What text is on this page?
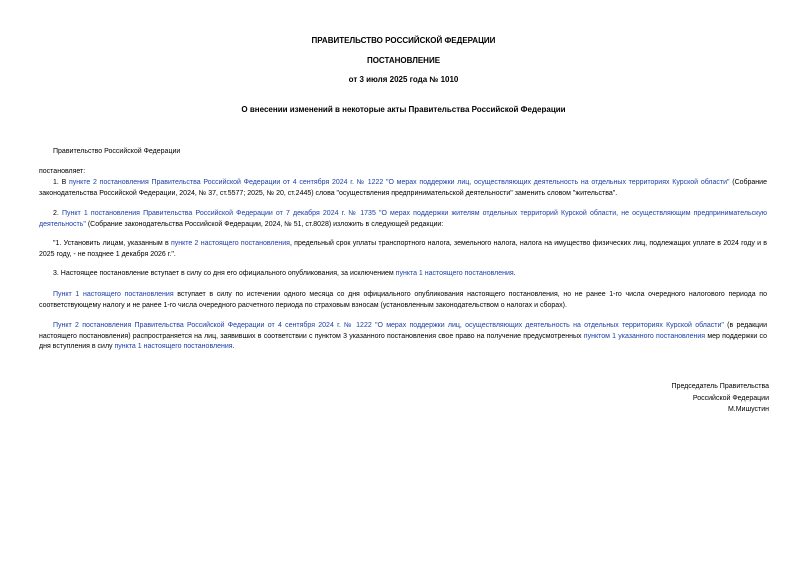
ПРАВИТЕЛЬСТВО РОССИЙСКОЙ ФЕДЕРАЦИИ
ПОСТАНОВЛЕНИЕ
от 3 июля 2025 года № 1010
О внесении изменений в некоторые акты Правительства Российской Федерации
Правительство Российской Федерации
постановляет:
1. В пункте 2 постановления Правительства Российской Федерации от 4 сентября 2024 г. № 1222 "О мерах поддержки лиц, осуществляющих деятельность на отдельных территориях Курской области" (Собрание законодательства Российской Федерации, 2024, № 37, ст.5577; 2025, № 20, ст.2445) слова "осуществления предпринимательской деятельности" заменить словом "жительства".
2. Пункт 1 постановления Правительства Российской Федерации от 7 декабря 2024 г. № 1735 "О мерах поддержки жителям отдельных территорий Курской области, не осуществляющим предпринимательскую деятельность" (Собрание законодательства Российской Федерации, 2024, № 51, ст.8028) изложить в следующей редакции:
"1. Установить лицам, указанным в пункте 2 настоящего постановления, предельный срок уплаты транспортного налога, земельного налога, налога на имущество физических лиц, подлежащих уплате в 2024 году и в 2025 году, - не позднее 1 декабря 2026 г.".
3. Настоящее постановление вступает в силу со дня его официального опубликования, за исключением пункта 1 настоящего постановления.
Пункт 1 настоящего постановления вступает в силу по истечении одного месяца со дня официального опубликования настоящего постановления, но не ранее 1-го числа очередного налогового периода по соответствующему налогу и не ранее 1-го числа очередного расчетного периода по страховым взносам (установленным законодательством о налогах и сборах).
Пункт 2 постановления Правительства Российской Федерации от 4 сентября 2024 г. № 1222 "О мерах поддержки лиц, осуществляющих деятельность на отдельных территориях Курской области" (в редакции настоящего постановления) распространяется на лиц, заявивших в соответствии с пунктом 3 указанного постановления свое право на получение предусмотренных пунктом 1 указанного постановления мер поддержки со дня вступления в силу пункта 1 настоящего постановления.
Председатель Правительства
Российской Федерации
М.Мишустин
